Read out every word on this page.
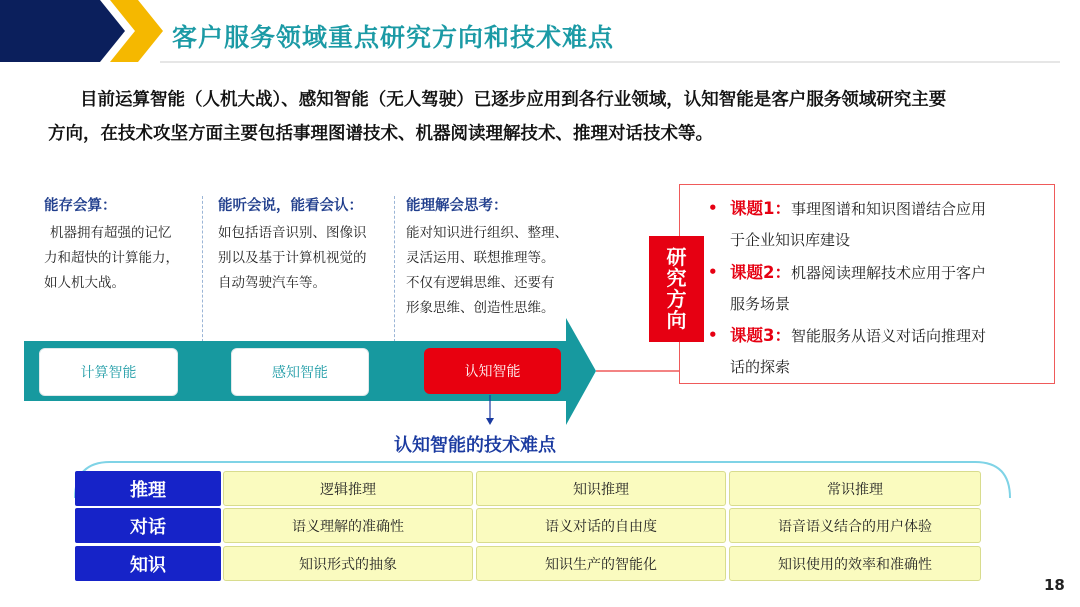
客户服务领域重点研究方向和技术难点
目前运算智能（人机大战）、感知智能（无人驾驶）已逐步应用到各行业领域，认知智能是客户服务领域研究主要
方向，在技术攻坚方面主要包括事理图谱技术、机器阅读理解技术、推理对话技术等。
能存会算：
机器拥有超强的记忆
力和超快的计算能力，
如人机大战。
能听会说，能看会认：
如包括语音识别、图像识
别以及基于计算机视觉的
自动驾驶汽车等。
能理解会思考：
能对知识进行组织、整理、
灵活运用、联想推理等。
不仅有逻辑思维、还要有
形象思维、创造性思维。
计算智能	感知智能	认知智能
• 课题1：事理图谱和知识图谱结合应用
于企业知识库建设
• 课题2：机器阅读理解技术应用于客户
服务场景
• 课题3：智能服务从语义对话向推理对
话的探索
研
究
方
向
认知智能的技术难点
推理	逻辑推理	知识推理	常识推理
对话	语义理解的准确性	语义对话的自由度	语音语义结合的用户体验
知识	知识形式的抽象	知识生产的智能化	知识使用的效率和准确性
18
